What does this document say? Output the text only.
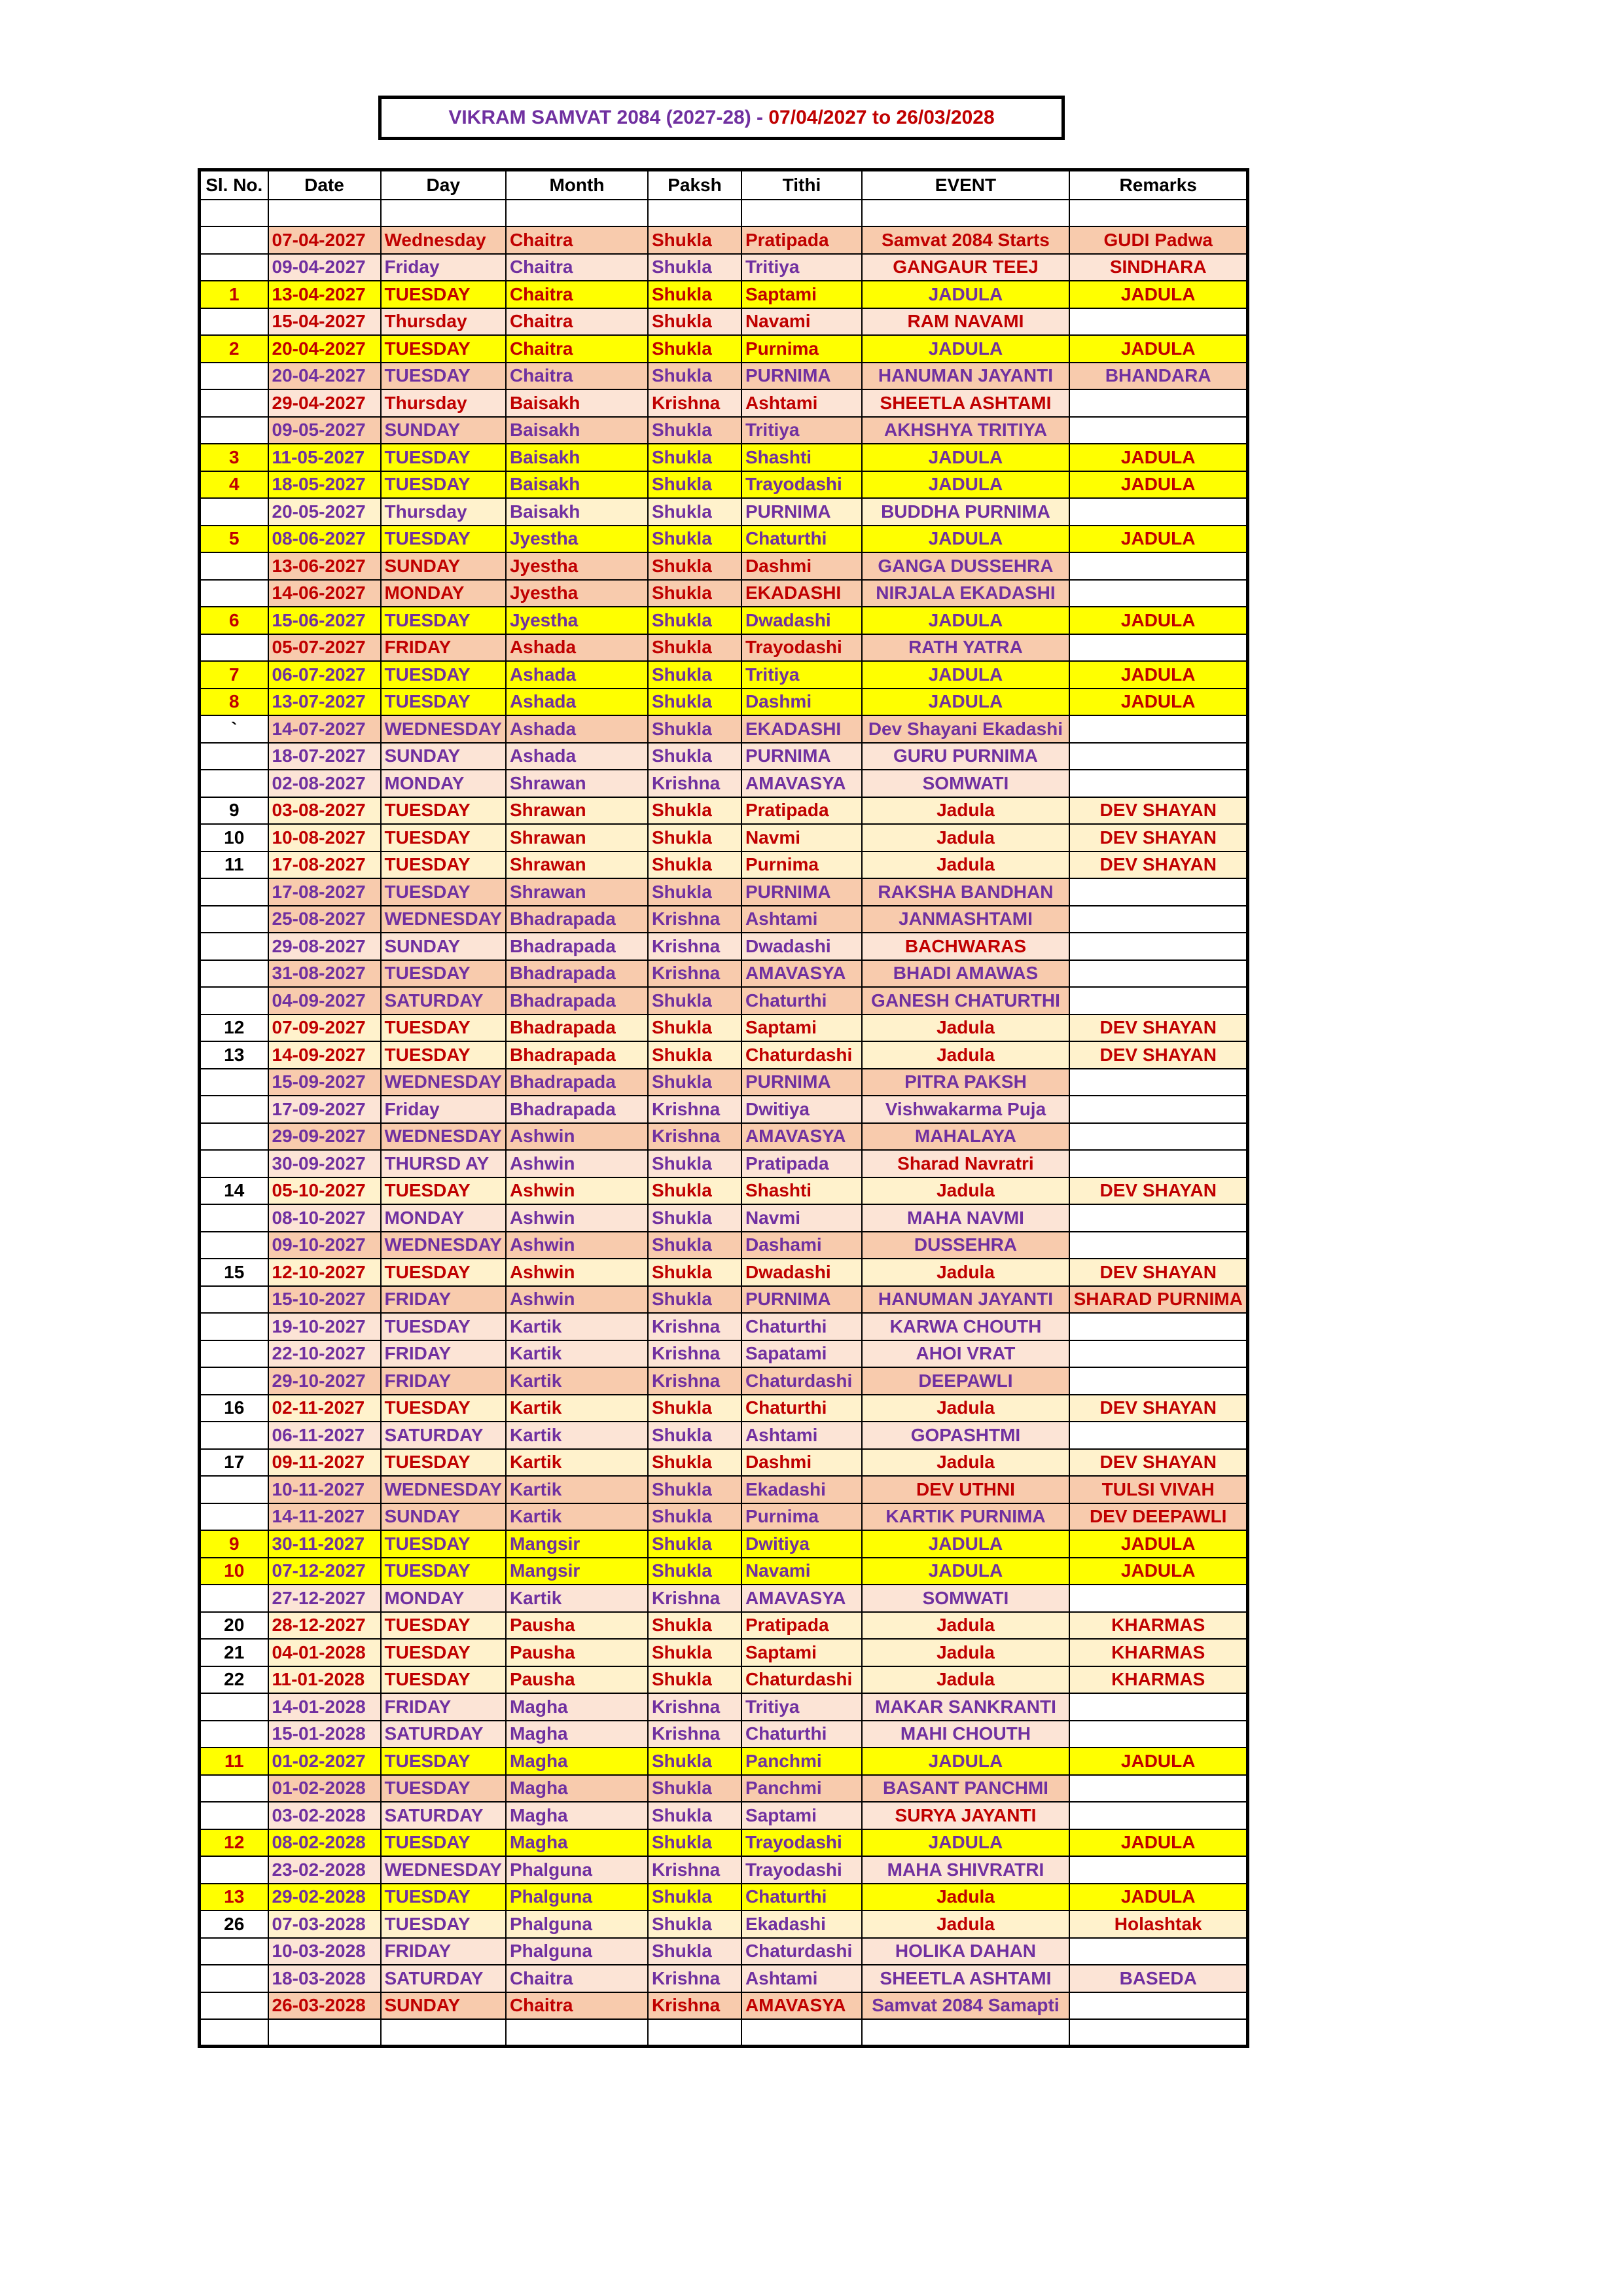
VIKRAM SAMVAT 2084 (2027-28) - 07/04/2027 to 26/03/2028
Sl. No.	Date	Day	Month	Paksh	Tithi	EVENT	Remarks

	07-04-2027	Wednesday	Chaitra	Shukla	Pratipada	Samvat 2084 Starts	GUDI Padwa
	09-04-2027	Friday	Chaitra	Shukla	Tritiya	GANGAUR TEEJ	SINDHARA
1	13-04-2027	TUESDAY	Chaitra	Shukla	Saptami	JADULA	JADULA
	15-04-2027	Thursday	Chaitra	Shukla	Navami	RAM NAVAMI	
2	20-04-2027	TUESDAY	Chaitra	Shukla	Purnima	JADULA	JADULA
	20-04-2027	TUESDAY	Chaitra	Shukla	PURNIMA	HANUMAN JAYANTI	BHANDARA
	29-04-2027	Thursday	Baisakh	Krishna	Ashtami	SHEETLA ASHTAMI	
	09-05-2027	SUNDAY	Baisakh	Shukla	Tritiya	AKHSHYA TRITIYA	
3	11-05-2027	TUESDAY	Baisakh	Shukla	Shashti	JADULA	JADULA
4	18-05-2027	TUESDAY	Baisakh	Shukla	Trayodashi	JADULA	JADULA
	20-05-2027	Thursday	Baisakh	Shukla	PURNIMA	BUDDHA PURNIMA	
5	08-06-2027	TUESDAY	Jyestha	Shukla	Chaturthi	JADULA	JADULA
	13-06-2027	SUNDAY	Jyestha	Shukla	Dashmi	GANGA DUSSEHRA	
	14-06-2027	MONDAY	Jyestha	Shukla	EKADASHI	NIRJALA EKADASHI	
6	15-06-2027	TUESDAY	Jyestha	Shukla	Dwadashi	JADULA	JADULA
	05-07-2027	FRIDAY	Ashada	Shukla	Trayodashi	RATH YATRA	
7	06-07-2027	TUESDAY	Ashada	Shukla	Tritiya	JADULA	JADULA
8	13-07-2027	TUESDAY	Ashada	Shukla	Dashmi	JADULA	JADULA
`	14-07-2027	WEDNESDAY	Ashada	Shukla	EKADASHI	Dev Shayani Ekadashi	
	18-07-2027	SUNDAY	Ashada	Shukla	PURNIMA	GURU PURNIMA	
	02-08-2027	MONDAY	Shrawan	Krishna	AMAVASYA	SOMWATI	
9	03-08-2027	TUESDAY	Shrawan	Shukla	Pratipada	Jadula	DEV SHAYAN
10	10-08-2027	TUESDAY	Shrawan	Shukla	Navmi	Jadula	DEV SHAYAN
11	17-08-2027	TUESDAY	Shrawan	Shukla	Purnima	Jadula	DEV SHAYAN
	17-08-2027	TUESDAY	Shrawan	Shukla	PURNIMA	RAKSHA BANDHAN	
	25-08-2027	WEDNESDAY	Bhadrapada	Krishna	Ashtami	JANMASHTAMI	
	29-08-2027	SUNDAY	Bhadrapada	Krishna	Dwadashi	BACHWARAS	
	31-08-2027	TUESDAY	Bhadrapada	Krishna	AMAVASYA	BHADI AMAWAS	
	04-09-2027	SATURDAY	Bhadrapada	Shukla	Chaturthi	GANESH CHATURTHI	
12	07-09-2027	TUESDAY	Bhadrapada	Shukla	Saptami	Jadula	DEV SHAYAN
13	14-09-2027	TUESDAY	Bhadrapada	Shukla	Chaturdashi	Jadula	DEV SHAYAN
	15-09-2027	WEDNESDAY	Bhadrapada	Shukla	PURNIMA	PITRA PAKSH	
	17-09-2027	Friday	Bhadrapada	Krishna	Dwitiya	Vishwakarma Puja	
	29-09-2027	WEDNESDAY	Ashwin	Krishna	AMAVASYA	MAHALAYA	
	30-09-2027	THURSD AY	Ashwin	Shukla	Pratipada	Sharad Navratri	
14	05-10-2027	TUESDAY	Ashwin	Shukla	Shashti	Jadula	DEV SHAYAN
	08-10-2027	MONDAY	Ashwin	Shukla	Navmi	MAHA NAVMI	
	09-10-2027	WEDNESDAY	Ashwin	Shukla	Dashami	DUSSEHRA	
15	12-10-2027	TUESDAY	Ashwin	Shukla	Dwadashi	Jadula	DEV SHAYAN
	15-10-2027	FRIDAY	Ashwin	Shukla	PURNIMA	HANUMAN JAYANTI	SHARAD PURNIMA
	19-10-2027	TUESDAY	Kartik	Krishna	Chaturthi	KARWA CHOUTH	
	22-10-2027	FRIDAY	Kartik	Krishna	Sapatami	AHOI VRAT	
	29-10-2027	FRIDAY	Kartik	Krishna	Chaturdashi	DEEPAWLI	
16	02-11-2027	TUESDAY	Kartik	Shukla	Chaturthi	Jadula	DEV SHAYAN
	06-11-2027	SATURDAY	Kartik	Shukla	Ashtami	GOPASHTMI	
17	09-11-2027	TUESDAY	Kartik	Shukla	Dashmi	Jadula	DEV SHAYAN
	10-11-2027	WEDNESDAY	Kartik	Shukla	Ekadashi	DEV UTHNI	TULSI VIVAH
	14-11-2027	SUNDAY	Kartik	Shukla	Purnima	KARTIK PURNIMA	DEV DEEPAWLI
9	30-11-2027	TUESDAY	Mangsir	Shukla	Dwitiya	JADULA	JADULA
10	07-12-2027	TUESDAY	Mangsir	Shukla	Navami	JADULA	JADULA
	27-12-2027	MONDAY	Kartik	Krishna	AMAVASYA	SOMWATI	
20	28-12-2027	TUESDAY	Pausha	Shukla	Pratipada	Jadula	KHARMAS
21	04-01-2028	TUESDAY	Pausha	Shukla	Saptami	Jadula	KHARMAS
22	11-01-2028	TUESDAY	Pausha	Shukla	Chaturdashi	Jadula	KHARMAS
	14-01-2028	FRIDAY	Magha	Krishna	Tritiya	MAKAR SANKRANTI	
	15-01-2028	SATURDAY	Magha	Krishna	Chaturthi	MAHI CHOUTH	
11	01-02-2027	TUESDAY	Magha	Shukla	Panchmi	JADULA	JADULA
	01-02-2028	TUESDAY	Magha	Shukla	Panchmi	BASANT PANCHMI	
	03-02-2028	SATURDAY	Magha	Shukla	Saptami	SURYA JAYANTI	
12	08-02-2028	TUESDAY	Magha	Shukla	Trayodashi	JADULA	JADULA
	23-02-2028	WEDNESDAY	Phalguna	Krishna	Trayodashi	MAHA SHIVRATRI	
13	29-02-2028	TUESDAY	Phalguna	Shukla	Chaturthi	Jadula	JADULA
26	07-03-2028	TUESDAY	Phalguna	Shukla	Ekadashi	Jadula	Holashtak
	10-03-2028	FRIDAY	Phalguna	Shukla	Chaturdashi	HOLIKA DAHAN	
	18-03-2028	SATURDAY	Chaitra	Krishna	Ashtami	SHEETLA ASHTAMI	BASEDA
	26-03-2028	SUNDAY	Chaitra	Krishna	AMAVASYA	Samvat 2084 Samapti	
